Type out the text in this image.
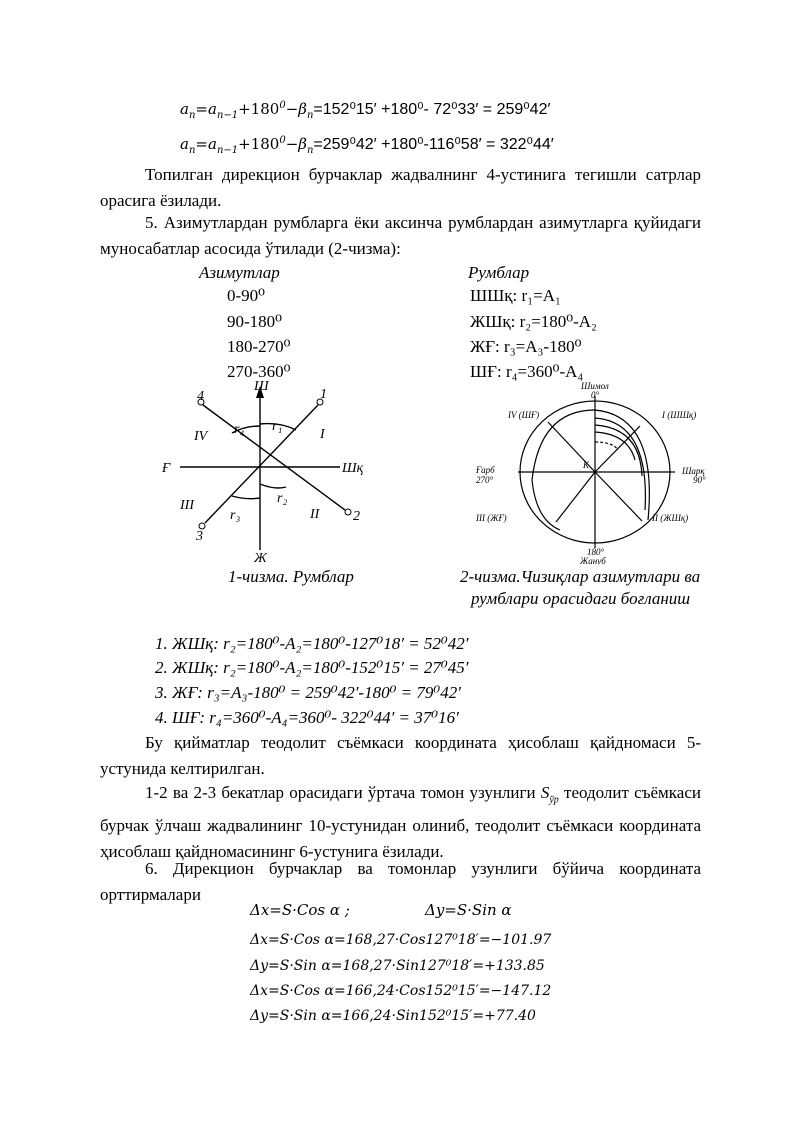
$a_n=a_{n-1}+180^0-\beta_n=152^015' +180^0-$ 72⁰33′ = 259⁰42′
$a_n=a_{n-1}+180^0-\beta_n=259^042' +180^0-116^058' = 322^044'$
Топилган дирекцион бурчаклар жадвалнинг 4-устинига тегишли сатрлар орасига ёзилади.
5. Азимутлардан румбларга ёки аксинча румблардан азимутларга қуйидаги муносабатлар асосида ўтилади (2-чизма):
Азимутлар	Румблар
0-90⁰	ШШқ: r₁=A₁
90-180⁰	ЖШқ: r₂=180⁰-A₂
180-270⁰	ЖҒ: r₃=A₃-180⁰
270-360⁰	ШҒ: r₄=360⁰-A₄
Ш
Ж
Шқ
Ғ
I
II
III
IV
1
2
3
4
r₁
r₂
r₃
r₄
1-чизма. Румблар
Шимол
0°
180°
Жануб
Шарқ
90°
Ғарб
270°
I (ШШқ)
II (ЖШқ)
III (ЖҒ)
IV (ШҒ)
К
2-чизма.Чизиқлар азимутлари ва
румблари орасидаги боғланиш
1. ЖШқ: r₂=180⁰-A₂=180⁰-127⁰18′ = 52⁰42′
2. ЖШқ: r₂=180⁰-A₂=180⁰-152⁰15′ = 27⁰45′
3. ЖҒ: r₃=A₃-180⁰ = 259⁰42′-180⁰ = 79⁰42′
4. ШҒ: r₄=360⁰-A₄=360⁰- 322⁰44′ = 37⁰16′
Бу қийматлар теодолит съёмкаси координата ҳисоблаш қайдномаси 5-устунида келтирилган.
1-2 ва 2-3 бекатлар орасидаги ўртача томон узунлиги $S_{ўр}$ теодолит съёмкаси бурчак ўлчаш жадвалининг 10-устунидан олиниб, теодолит съёмкаси координата ҳисоблаш қайдномасининг 6-устунига ёзилади.
6. Дирекцион бурчаклар ва томонлар узунлиги бўйича координата орттирмалари
Δx=S·Cos α ;	Δy=S·Sin α
Δx=S·Cos α=168,27·Cos127⁰18′=−101.97
Δy=S·Sin α=168,27·Sin127⁰18′=+133.85
Δx=S·Cos α=166,24·Cos152⁰15′=−147.12
Δy=S·Sin α=166,24·Sin152⁰15′=+77.40
